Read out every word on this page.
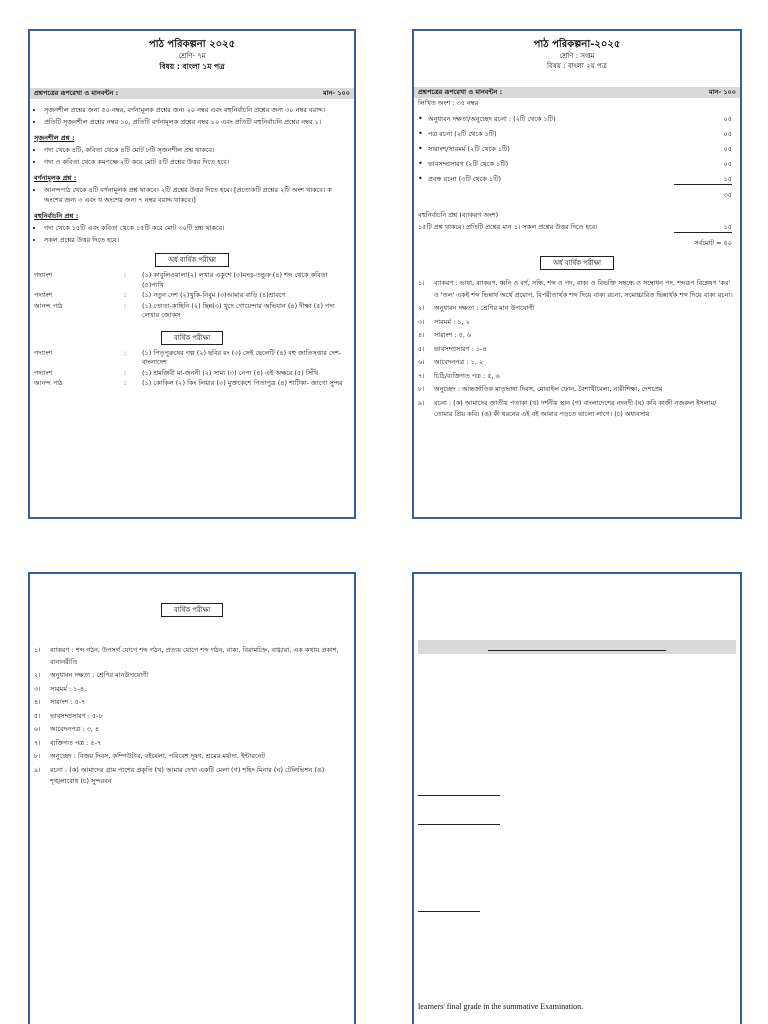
পাঠ পরিকল্পনা ২০২৫
শ্রেণি- ৭ম
বিষয় : বাংলা ১ম পত্র
প্রশ্নপত্রের রূপরেখা ও মানবন্টন :	মান- ১০০
• সৃজনশীল প্রশ্নের জন্য ৫০ নম্বর, বর্ণনামূলক প্রশ্নের জন্য ২০ নম্বর এবং বহুনির্বাচনি প্রশ্নের জন্য ৩০ নম্বর বরাদ্দ।
• প্রতিটি সৃজনশীল প্রশ্নের নম্বর ১০, প্রতিটি বর্ণনামূলক প্রশ্নের নম্বর ১০ এবং প্রতিটি বহুনির্বাচনি প্রশ্নের নম্বর ১।
সৃজনশীল প্রশ্ন :
• গদ্য থেকে ৪টি, কবিতা থেকে ৪টি মোট ৮টি সৃজনশীল প্রশ্ন থাকবে।
• গদ্য ও কবিতা থেকে কমপক্ষে ২টি করে মোট ৫টি প্রশ্নের উত্তর দিতে হবে।
বর্ণনামূলক প্রশ্ন :
• আনন্দপাঠ থেকে ৪টি বর্ণনামূলক প্রশ্ন থাকবে। ২টি প্রশ্নের উত্তর দিতে হবে। [প্রত্যেকটি প্রশ্নের ২টি অংশ থাকবে। ক অংশের জন্য ৩ এবং খ অংশের জন্য ৭ নম্বর বরাদ্দ থাকবে।]
বহুনির্বাচনি প্রশ্ন :
• গদ্য থেকে ১৫টি এবং কবিতা থেকে ১৫টি করে মোট ৩০টি প্রশ্ন থাকবে।
• সকল প্রশ্নের উত্তর দিতে হবে।
অর্ধ বার্ষিক পরীক্ষা
গদ্যাংশ	:	(১) কাবুলিওয়ালা(২) লখার একুশে (৩)মংড়-তন্ডুক (৪) শব্দ থেকে কবিতা (৫)পাখি
পদ্যাংশ	:	(১) নতুন দেশ (২)খুকি-নিবুম (৩)আমার বাড়ি (৪)শ্রাবণে
আনন্দ পাঠ	:	(১) তোতা-কাহিনি (২) ছিন্ন(৩) খুদে গোয়েন্দার অভিযান (৪) দীক্ষা (৫) পদ্য লেখার জোকস
বার্ষিক পরীক্ষা
গদ্যাংশ	:	(১) পিতৃপুরুষের গল্প (২) ছবির রং (৩) সেই ছেলেটি (৪) বহু জাতিসত্তার দেশ- বাংলাদেশ
পদ্যাংশ	:	(১) শ্রমজিবী মা-জননী (২) সাম্য (৩) নেপা (৪) এই অক্ষরে (৫) সিঁথি
আনন্দ পাঠ	:	(১) কোকিল (২) কিং লিয়ার (৩) মুক্তকেশে পিতাপুত্র (৪) শাটিকা- জাগো সুন্দর
পাঠ পরিকল্পনা-২০২৫
শ্রেণি : সপ্তম
বিষয় : বাংলা ২য় পত্র
প্রশ্নপত্রের রূপরেখা ও মানবন্টন :	মান- ১০০
লিখিত অংশ : ৩৫ নম্বর
• অনুধাবন দক্ষতা/অনুচ্ছেদ রচনা : (২টি থেকে ১টি)	০৫
• পত্র রচনা (২টি থেকে ১টি)	০৫
• সারাংশ/সারমর্ম (২টি থেকে ১টি)	০৫
• ভাবসম্প্রসারণ (২টি থেকে ১টি)	০৫
• প্রবন্ধ রচনা (৩টি থেকে ১টি)	১৫
৩৫
বহুনির্বাচনি প্রশ্ন (ব্যাকরণ অংশ)
১৫টি প্রশ্ন থাকবে। প্রতিটি প্রশ্নের মান ১। সকল প্রশ্নের উত্তর দিতে হবে।	১৫
সর্বমোট = ৫০
অর্ধ বার্ষিক পরীক্ষা
১।	ব্যাকরণ : ভাষা, ব্যাকরণ, ধ্বনি ও বর্ণ, সন্ধি, শব্দ ও পদ, বাক্য ও বিভক্তি সম্বন্ধে ও সম্বোধন পদ, শব্দরূপ বিশ্লেষণ 'কর' ও 'তল' একই শব্দ ভিন্নার্থ অর্থে প্রয়োগ, বিপরীতার্থক শব্দ দিয়ে বাক্য রচনা, সমোচ্চারিত ভিন্নার্থক শব্দ দিয়ে বাক্য রচনা।
২।	অনুধাবন দক্ষতা : শ্রেণির মান উপযোগী
৩।	সারমর্ম : ১, ২
৪।	সারাংশ : ৫, ৬
৫।	ভাবসম্প্রসারণ : ১-৪
৬।	আবেদনপত্র : ১, ২
৭।	চিঠি/ব্যক্তিগত পত্র : ৫, ৬
৮।	অনুচ্ছেদ : আন্তর্জাতিক মাতৃভাষা দিবস, মোবাইল ফোন, বৈশাখীমেলা, নারীশিক্ষা, দেশপ্রেম
৯।	রচনা : (ক) আমাদের জাতীয় পতাকা (খ) দর্শনীয় স্থান (গ) বাংলাদেশের নদনদী (ঘ) কবি কাজী নজরুল ইসলাম/তোমার প্রিয় কবি। (ঙ) কী ধরনের এই বই আমার পড়তে ভালো লাগে। (চ) অধ্যবসায়
বার্ষিক পরীক্ষা
১।	ব্যাকরণ : শব্দ গঠন, উপসর্গ যোগে শব্দ গঠন, প্রত্যয় যোগে শব্দ গঠন, বাক্য, বিরামচিহ্ন, বাগ্ধারা, এক কথায় প্রকাশ, বানানরীতি
২।	অনুধাবন দক্ষতা : শ্রেণির মানউপযোগী
৩।	সারমর্ম : ১-৪,
৪।	সারাংশ : ৫-৭
৫।	ভাবসম্প্রসারণ : ৫-৮
৬।	আবেদনপত্র : ৩, ৪
৭।	ব্যক্তিগত পত্র : ৫-৭
৮।	অনুচ্ছেদ : বিজয় দিবস, কম্পিউটার, বইমেলা, পরিবেশ দূষণ, শ্রমের মর্যাদা, ইন্টারনেট
৯।	রচনা : (ক) আমাদের গ্রাম পাশের প্রকৃতি (খ) আমার দেখা একটি মেলা (গ) শহিদ মিনার (ঘ) টেলিভিশন (ঙ) শৃঙ্খলাবোধ (চ) সুন্দরবন
learners' final grade in the summative Examination.
